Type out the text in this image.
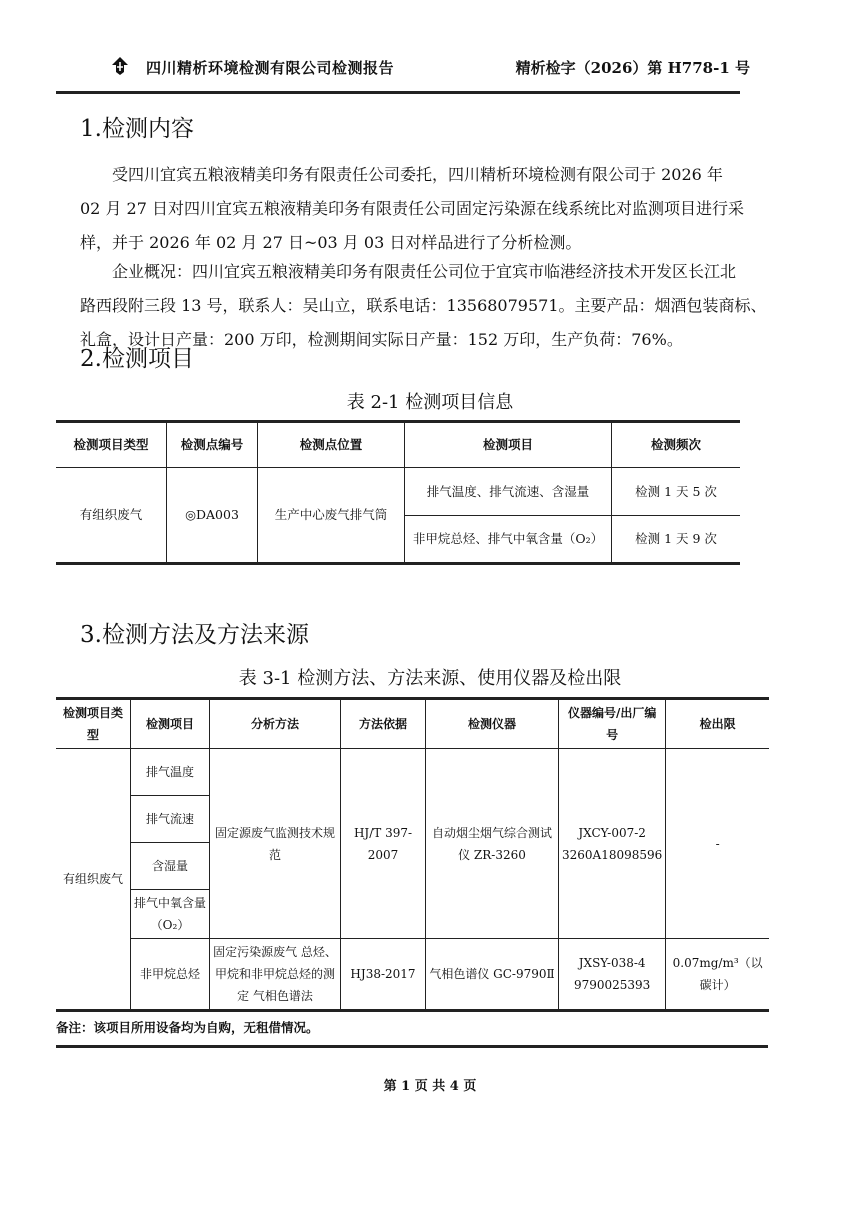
四川精析环境检测有限公司检测报告	精析检字（2026）第 H778-1 号
1.检测内容
受四川宜宾五粮液精美印务有限责任公司委托，四川精析环境检测有限公司于 2026 年
02 月 27 日对四川宜宾五粮液精美印务有限责任公司固定污染源在线系统比对监测项目进行采
样，并于 2026 年 02 月 27 日~03 月 03 日对样品进行了分析检测。
企业概况：四川宜宾五粮液精美印务有限责任公司位于宜宾市临港经济技术开发区长江北
路西段附三段 13 号，联系人：吴山立，联系电话：13568079571。主要产品：烟酒包装商标、
礼盒，设计日产量：200 万印，检测期间实际日产量：152 万印，生产负荷：76%。
2.检测项目
表 2-1 检测项目信息
检测项目类型	检测点编号	检测点位置	检测项目	检测频次
有组织废气	◎DA003	生产中心废气排气筒	排气温度、排气流速、含湿量	检测 1 天 5 次
			非甲烷总烃、排气中氧含量（O₂）	检测 1 天 9 次
3.检测方法及方法来源
表 3-1 检测方法、方法来源、使用仪器及检出限
检测项目类型	检测项目	分析方法	方法依据	检测仪器	仪器编号/出厂编号	检出限
有组织废气	排气温度	固定源废气监测技术规范	HJ/T 397-2007	自动烟尘烟气综合测试仪 ZR-3260	JXCY-007-2 3260A18098596	-
	排气流速					
	含湿量					
	排气中氧含量（O₂）					
	非甲烷总烃	固定污染源废气 总烃、甲烷和非甲烷总烃的测定 气相色谱法	HJ38-2017	气相色谱仪 GC-9790Ⅱ	JXSY-038-4 9790025393	0.07mg/m³（以碳计）
备注：该项目所用设备均为自购，无租借情况。
第 1 页 共 4 页
